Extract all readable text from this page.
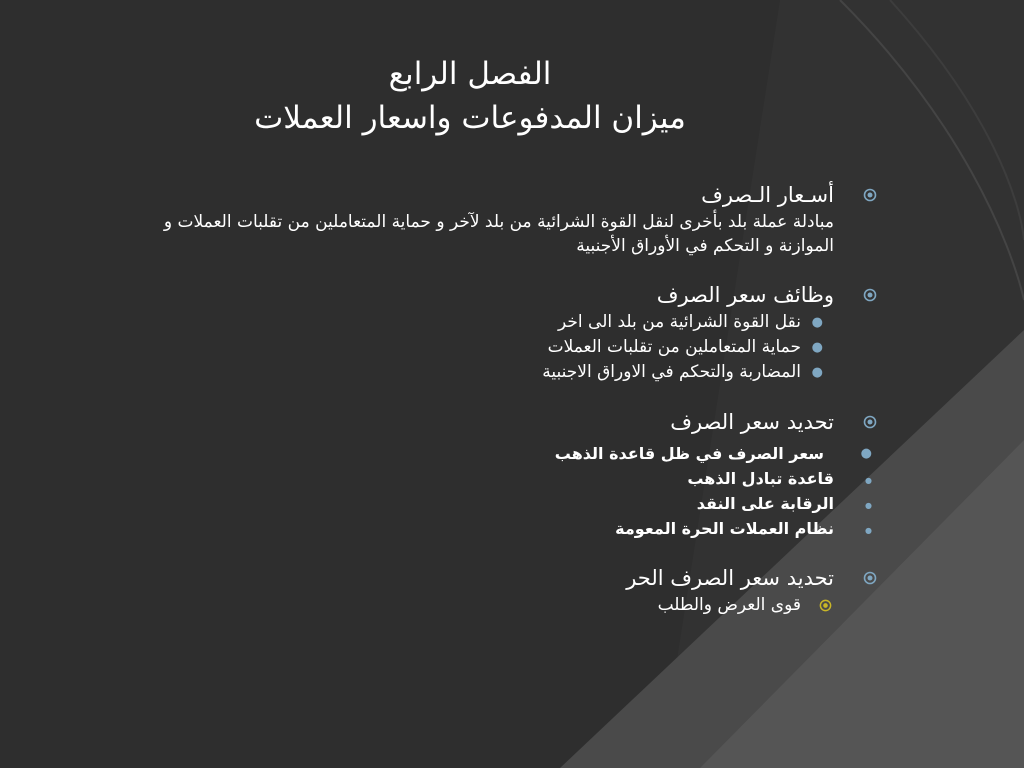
الفصل الرابع
ميزان المدفوعات واسعار العملات
أسـعار الـصرف
مبادلة عملة بلد بأخرى لنقل القوة الشرائية من بلد لآخر و حماية المتعاملين من تقلبات العملات و الموازنة و التحكم في الأوراق الأجنبية
وظائف سعر الصرف
●
نقل القوة الشرائية من بلد الى اخر
●
حماية المتعاملين من تقلبات العملات
●
المضاربة والتحكم في الاوراق الاجنبية
تحديد سعر الصرف
●
سعر الصرف في ظل قاعدة الذهب
●
قاعدة تبادل الذهب
●
الرقابة على النقد
●
نظام العملات الحرة المعومة
تحديد سعر الصرف الحر
قوى العرض والطلب
